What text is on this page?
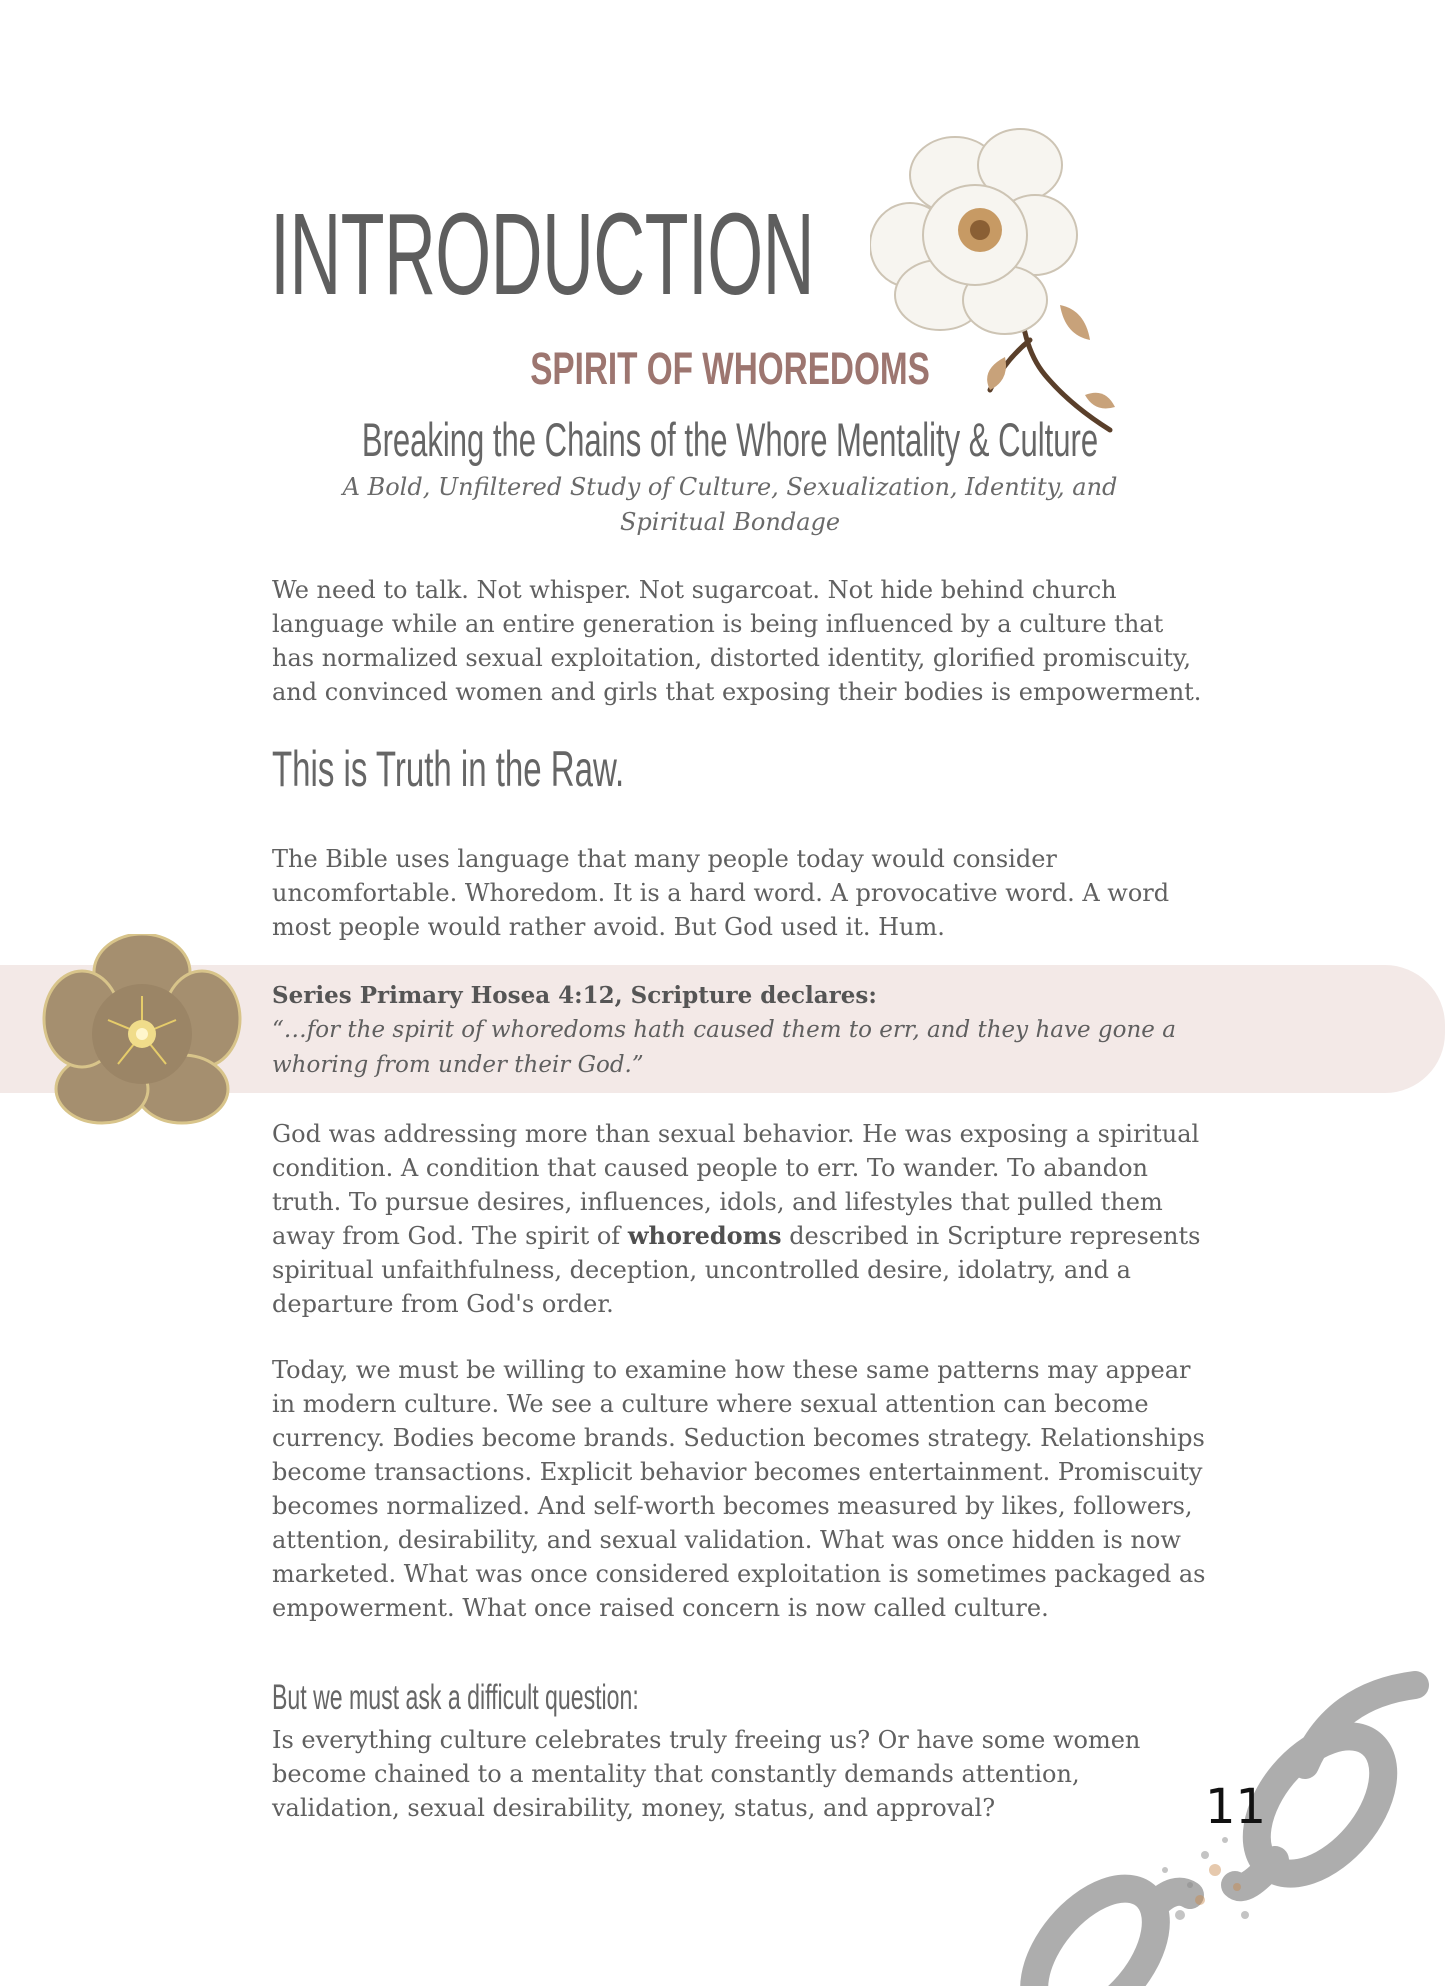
INTRODUCTION
SPIRIT OF WHOREDOMS
Breaking the Chains of the Whore Mentality & Culture

A Bold, Unfiltered Study of Culture, Sexualization, Identity, and Spiritual Bondage

We need to talk. Not whisper. Not sugarcoat. Not hide behind church language while an entire generation is being influenced by a culture that has normalized sexual exploitation, distorted identity, glorified promiscuity, and convinced women and girls that exposing their bodies is empowerment.

This is Truth in the Raw.

The Bible uses language that many people today would consider uncomfortable. Whoredom. It is a hard word. A provocative word. A word most people would rather avoid. But God used it. Hum.

Series Primary Hosea 4:12, Scripture declares:

“…for the spirit of whoredoms hath caused them to err, and they have gone a whoring from under their God.”

God was addressing more than sexual behavior. He was exposing a spiritual condition. A condition that caused people to err. To wander. To abandon truth. To pursue desires, influences, idols, and lifestyles that pulled them away from God. The spirit of whoredoms described in Scripture represents spiritual unfaithfulness, deception, uncontrolled desire, idolatry, and a departure from God's order.

Today, we must be willing to examine how these same patterns may appear in modern culture. We see a culture where sexual attention can become currency. Bodies become brands. Seduction becomes strategy. Relationships become transactions. Explicit behavior becomes entertainment. Promiscuity becomes normalized. And self-worth becomes measured by likes, followers, attention, desirability, and sexual validation. What was once hidden is now marketed. What was once considered exploitation is sometimes packaged as empowerment. What once raised concern is now called culture.

But we must ask a difficult question:

Is everything culture celebrates truly freeing us? Or have some women become chained to a mentality that constantly demands attention, validation, sexual desirability, money, status, and approval?	11
